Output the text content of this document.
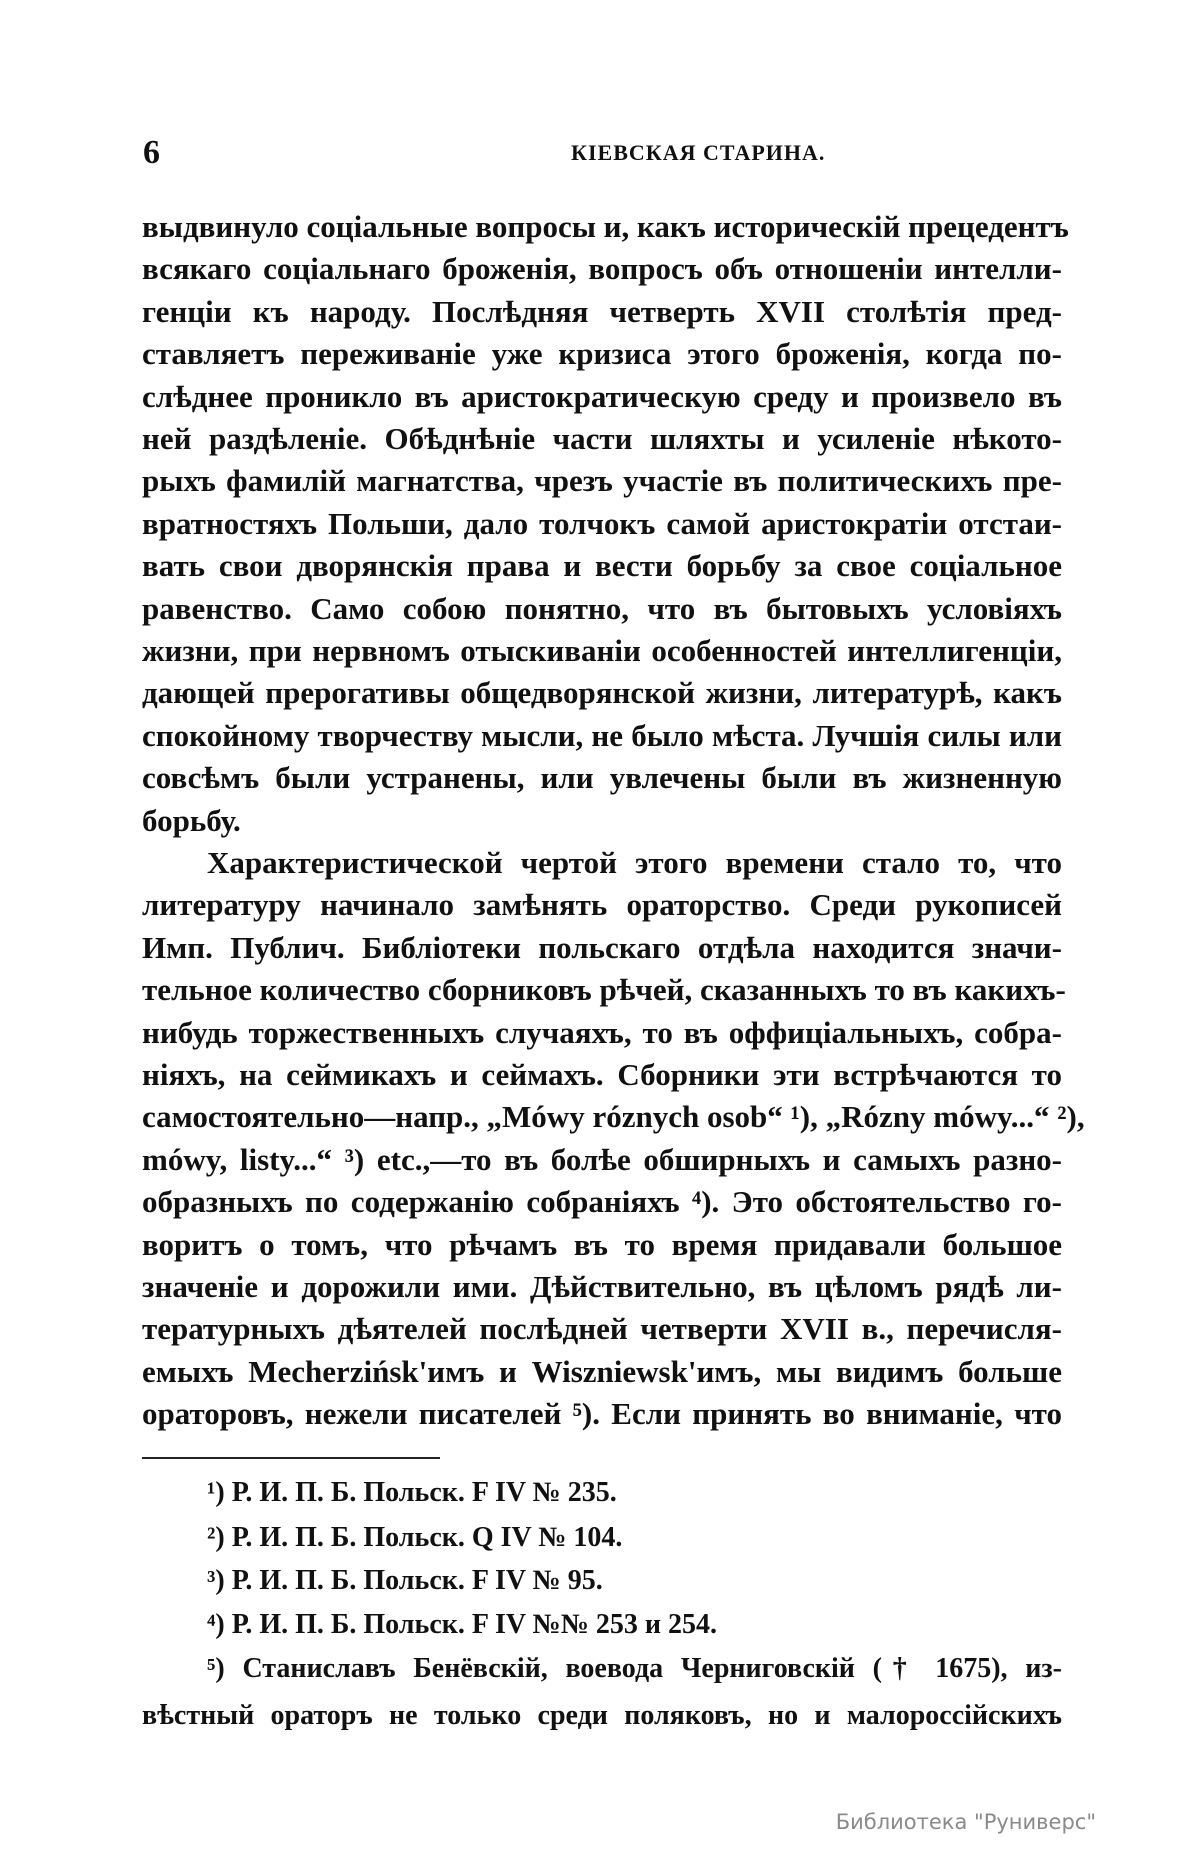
6	КІЕВСКАЯ СТАРИНА.
выдвинуло соціальные вопросы и, какъ историческій прецедентъ
всякаго соціальнаго броженія, вопросъ объ отношеніи интелли-
генціи къ народу. Послѣдняя четверть XVII столѣтія пред-
ставляетъ переживаніе уже кризиса этого броженія, когда по-
слѣднее проникло въ аристократическую среду и произвело въ
ней раздѣленіе. Обѣднѣніе части шляхты и усиленіе нѣкото-
рыхъ фамилій магнатства, чрезъ участіе въ политическихъ пре-
вратностяхъ Польши, дало толчокъ самой аристократіи отстаи-
вать свои дворянскія права и вести борьбу за свое соціальное
равенство. Само собою понятно, что въ бытовыхъ условіяхъ
жизни, при нервномъ отыскиваніи особенностей интеллигенціи,
дающей прерогативы общедворянской жизни, литературѣ, какъ
спокойному творчеству мысли, не было мѣста. Лучшія силы или
совсѣмъ были устранены, или увлечены были въ жизненную
борьбу.
Характеристической чертой этого времени стало то, что
литературу начинало замѣнять ораторство. Среди рукописей
Имп. Публич. Библіотеки польскаго отдѣла находится значи-
тельное количество сборниковъ рѣчей, сказанныхъ то въ какихъ-
нибудь торжественныхъ случаяхъ, то въ оффиціальныхъ, собра-
ніяхъ, на сеймикахъ и сеймахъ. Сборники эти встрѣчаются то
самостоятельно—напр., „Mówy róznych osob“ ¹), „Rózny mówy...“ ²),
mówy, listy...“ ³) etc.,—то въ болѣе обширныхъ и самыхъ разно-
образныхъ по содержанію собраніяхъ ⁴). Это обстоятельство го-
воритъ о томъ, что рѣчамъ въ то время придавали большое
значеніе и дорожили ими. Дѣйствительно, въ цѣломъ рядѣ ли-
тературныхъ дѣятелей послѣдней четверти XVII в., перечисля-
емыхъ Mecherzińsk'имъ и Wiszniewsk'имъ, мы видимъ больше
ораторовъ, нежели писателей ⁵). Если принять во вниманіе, что
¹) Р. И. П. Б. Польск. F IV № 235.
²) Р. И. П. Б. Польск. Q IV № 104.
³) Р. И. П. Б. Польск. F IV № 95.
⁴) Р. И. П. Б. Польск. F IV №№ 253 и 254.
⁵) Станиславъ Бенёвскій, воевода Черниговскій († 1675), из-
вѣстный ораторъ не только среди поляковъ, но и малороссійскихъ
Библиотека "Руниверс"
